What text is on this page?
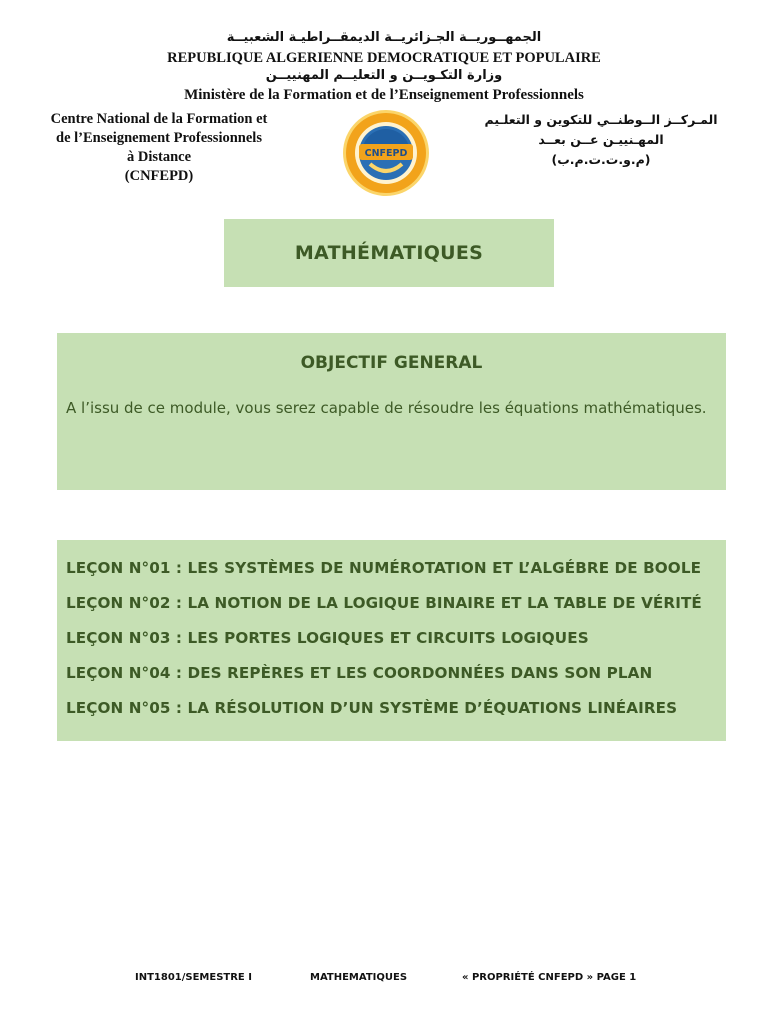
الجمهــوريــة الجـزائريــة الديمقــراطيـة الشعبيــة
REPUBLIQUE ALGERIENNE DEMOCRATIQUE ET POPULAIRE
وزارة التكـويــن و التعليــم المهنييــن
Ministère de la Formation et de l’Enseignement Professionnels
Centre National de la Formation et
de l’Enseignement Professionnels
à Distance
(CNFEPD)
CNFEPD
المـركــز الــوطنــي للتكوين و التعلـيم
المهـنييـن عــن بعــد
(م.و.ت.ت.م.ب)
MATHÉMATIQUES
OBJECTIF GENERAL
A l’issu de ce module, vous serez capable de résoudre les équations mathématiques.
LEÇON N°01 : LES SYSTÈMES DE NUMÉROTATION ET L’ALGÉBRE DE BOOLE
LEÇON N°02 : LA NOTION DE LA LOGIQUE BINAIRE ET LA TABLE DE VÉRITÉ
LEÇON N°03 : LES PORTES LOGIQUES ET CIRCUITS LOGIQUES
LEÇON N°04 : DES REPÈRES ET LES COORDONNÉES DANS SON PLAN
LEÇON N°05 : LA RÉSOLUTION D’UN SYSTÈME D’ÉQUATIONS LINÉAIRES
INT1801/SEMESTRE I	MATHEMATIQUES	« PROPRIÉTÉ CNFEPD » PAGE 1
